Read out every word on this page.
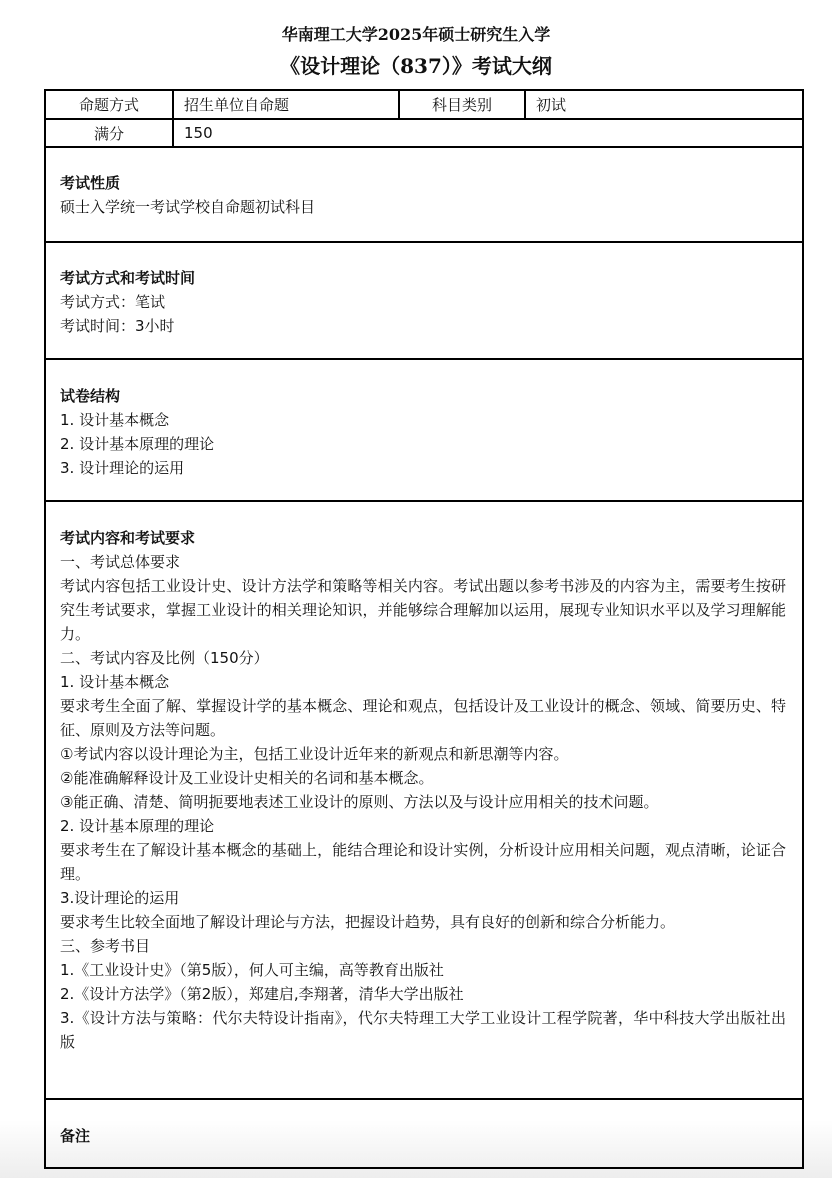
华南理工大学2025年硕士研究生入学
《设计理论（837）》考试大纲
命题方式	招生单位自命题	科目类别	初试
满分	150
考试性质
硕士入学统一考试学校自命题初试科目
考试方式和考试时间
考试方式：笔试
考试时间：3小时
试卷结构
1. 设计基本概念
2. 设计基本原理的理论
3. 设计理论的运用
考试内容和考试要求
一、考试总体要求
考试内容包括工业设计史、设计方法学和策略等相关内容。考试出题以参考书涉及的内容为主，需要考生按研究生考试要求，掌握工业设计的相关理论知识，并能够综合理解加以运用，展现专业知识水平以及学习理解能力。
二、考试内容及比例（150分）
1. 设计基本概念
要求考生全面了解、掌握设计学的基本概念、理论和观点，包括设计及工业设计的概念、领域、简要历史、特征、原则及方法等问题。
①考试内容以设计理论为主，包括工业设计近年来的新观点和新思潮等内容。
②能准确解释设计及工业设计史相关的名词和基本概念。
③能正确、清楚、简明扼要地表述工业设计的原则、方法以及与设计应用相关的技术问题。
2. 设计基本原理的理论
要求考生在了解设计基本概念的基础上，能结合理论和设计实例，分析设计应用相关问题，观点清晰，论证合理。
3.设计理论的运用
要求考生比较全面地了解设计理论与方法，把握设计趋势，具有良好的创新和综合分析能力。
三、参考书目
1.《工业设计史》（第5版），何人可主编，高等教育出版社
2.《设计方法学》（第2版），郑建启,李翔著，清华大学出版社
3.《设计方法与策略：代尔夫特设计指南》，代尔夫特理工大学工业设计工程学院著，华中科技大学出版社出版
备注
